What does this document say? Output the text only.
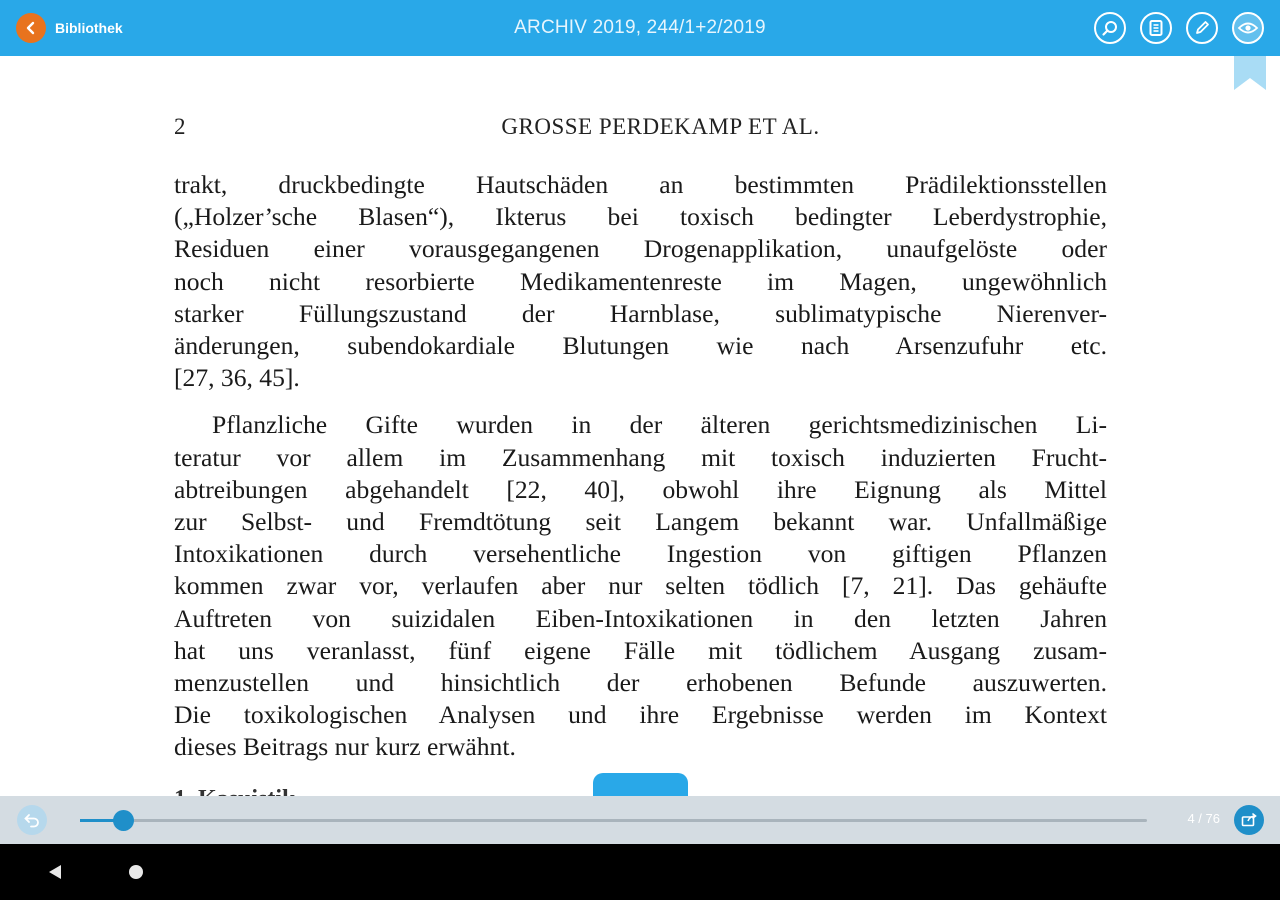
Bibliothek	ARCHIV 2019, 244/1+2/2019
2	GROSSE PERDEKAMP ET AL.
trakt, druckbedingte Hautschäden an bestimmten Prädilektionsstellen
(„Holzer’sche Blasen“), Ikterus bei toxisch bedingter Leberdystrophie,
Residuen einer vorausgegangenen Drogenapplikation, unaufgelöste oder
noch nicht resorbierte Medikamentenreste im Magen, ungewöhnlich
starker Füllungszustand der Harnblase, sublimatypische Nierenver-
änderungen, subendokardiale Blutungen wie nach Arsenzufuhr etc.
[27, 36, 45].
Pflanzliche Gifte wurden in der älteren gerichtsmedizinischen Li-
teratur vor allem im Zusammenhang mit toxisch induzierten Frucht-
abtreibungen abgehandelt [22, 40], obwohl ihre Eignung als Mittel
zur Selbst- und Fremdtötung seit Langem bekannt war. Unfallmäßige
Intoxikationen durch versehentliche Ingestion von giftigen Pflanzen
kommen zwar vor, verlaufen aber nur selten tödlich [7, 21]. Das gehäufte
Auftreten von suizidalen Eiben-Intoxikationen in den letzten Jahren
hat uns veranlasst, fünf eigene Fälle mit tödlichem Ausgang zusam-
menzustellen und hinsichtlich der erhobenen Befunde auszuwerten.
Die toxikologischen Analysen und ihre Ergebnisse werden im Kontext
dieses Beitrags nur kurz erwähnt.
4 / 76
